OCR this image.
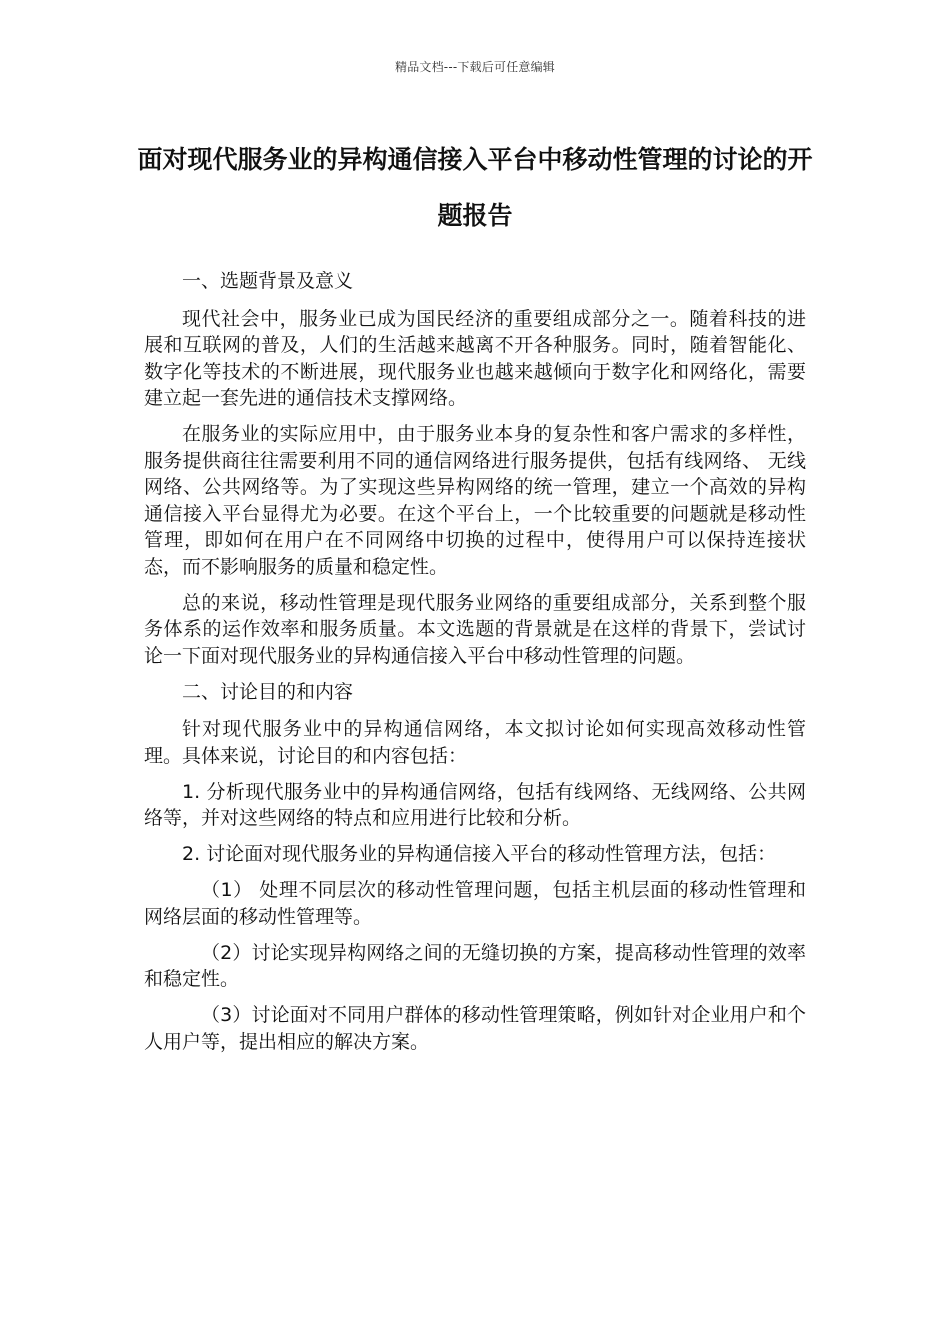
精品文档---下载后可任意编辑
面对现代服务业的异构通信接入平台中移动性管理的讨论的开题报告

一、选题背景及意义

现代社会中，服务业已成为国民经济的重要组成部分之一。随着科技的进展和互联网的普及，人们的生活越来越离不开各种服务。同时，随着智能化、数字化等技术的不断进展，现代服务业也越来越倾向于数字化和网络化，需要建立起一套先进的通信技术支撑网络。

在服务业的实际应用中，由于服务业本身的复杂性和客户需求的多样性，服务提供商往往需要利用不同的通信网络进行服务提供，包括有线网络、 无线网络、公共网络等。为了实现这些异构网络的统一管理，建立一个高效的异构通信接入平台显得尤为必要。在这个平台上，一个比较重要的问题就是移动性管理，即如何在用户在不同网络中切换的过程中，使得用户可以保持连接状态，而不影响服务的质量和稳定性。

总的来说，移动性管理是现代服务业网络的重要组成部分，关系到整个服务体系的运作效率和服务质量。本文选题的背景就是在这样的背景下，尝试讨论一下面对现代服务业的异构通信接入平台中移动性管理的问题。

二、讨论目的和内容

针对现代服务业中的异构通信网络，本文拟讨论如何实现高效移动性管理。具体来说，讨论目的和内容包括：

1. 分析现代服务业中的异构通信网络，包括有线网络、无线网络、公共网络等，并对这些网络的特点和应用进行比较和分析。

2. 讨论面对现代服务业的异构通信接入平台的移动性管理方法，包括：

（1） 处理不同层次的移动性管理问题，包括主机层面的移动性管理和网络层面的移动性管理等。

（2）讨论实现异构网络之间的无缝切换的方案，提高移动性管理的效率和稳定性。

（3）讨论面对不同用户群体的移动性管理策略，例如针对企业用户和个人用户等，提出相应的解决方案。
